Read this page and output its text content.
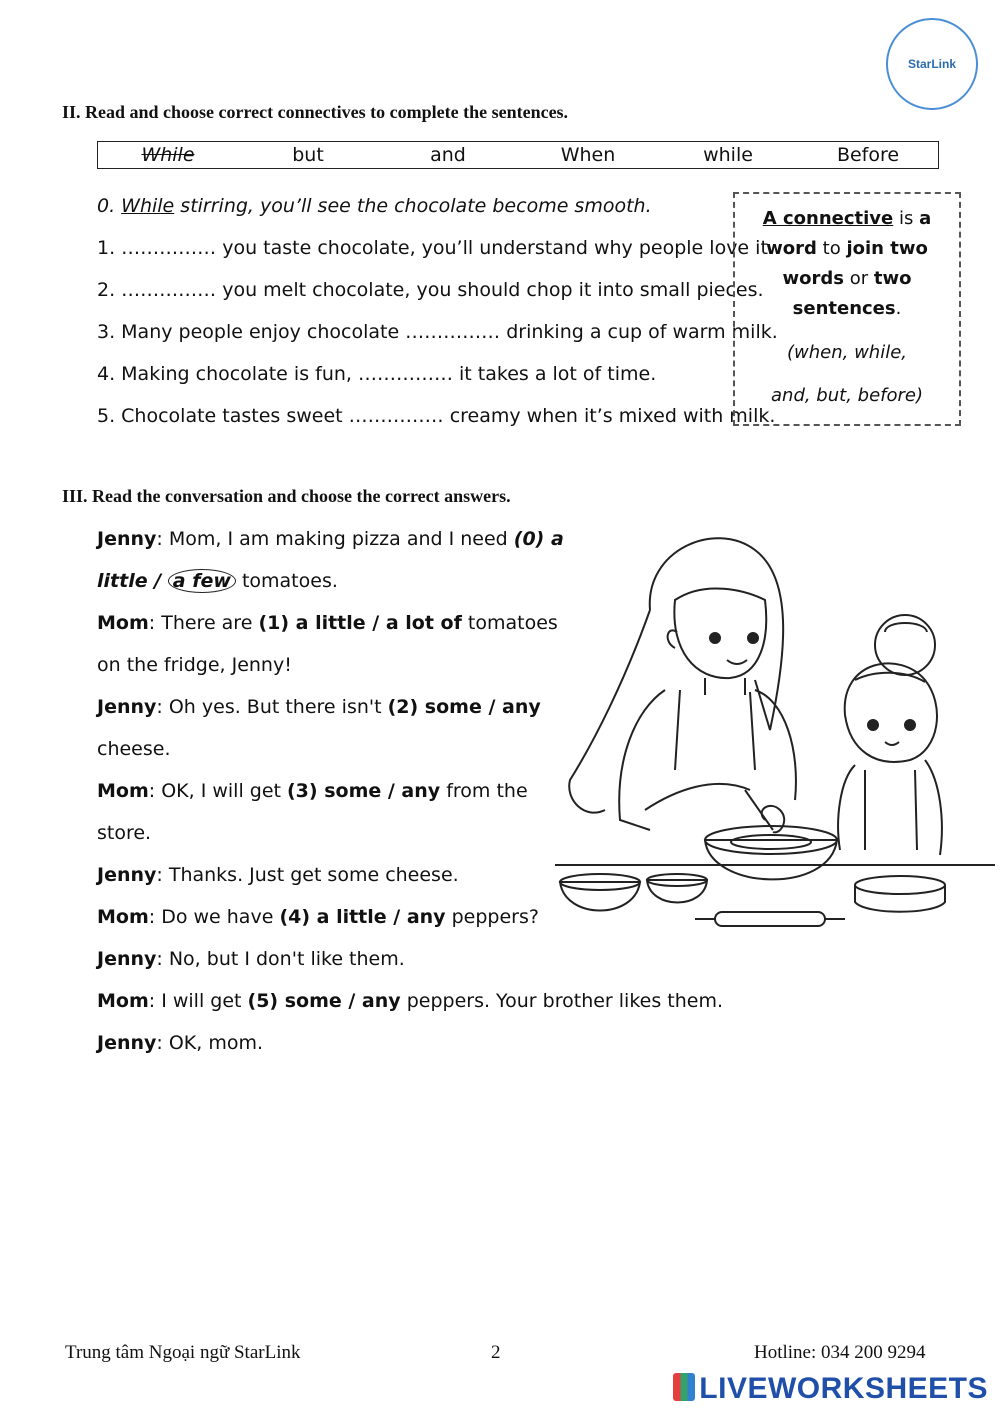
StarLink
II. Read and choose correct connectives to complete the sentences.
While	but	and	When	while	Before
0. While stirring, you’ll see the chocolate become smooth.
1. …………… you taste chocolate, you’ll understand why people love it.
2. …………… you melt chocolate, you should chop it into small pieces.
3. Many people enjoy chocolate …………… drinking a cup of warm milk.
4. Making chocolate is fun, …………… it takes a lot of time.
5. Chocolate tastes sweet …………… creamy when it’s mixed with milk.
A connective is a word to join two words or two sentences.
(when, while,
and, but, before)
III. Read the conversation and choose the correct answers.
Jenny: Mom, I am making pizza and I need (0) a
little / a few tomatoes.
Mom: There are (1) a little / a lot of tomatoes
on the fridge, Jenny!
Jenny: Oh yes. But there isn't (2) some / any
cheese.
Mom: OK, I will get (3) some / any from the
store.
Jenny: Thanks. Just get some cheese.
Mom: Do we have (4) a little / any peppers?
Jenny: No, but I don't like them.
Mom: I will get (5) some / any peppers. Your brother likes them.
Jenny: OK, mom.
Trung tâm Ngoại ngữ StarLink	2	Hotline: 034 200 9294
LIVEWORKSHEETS
